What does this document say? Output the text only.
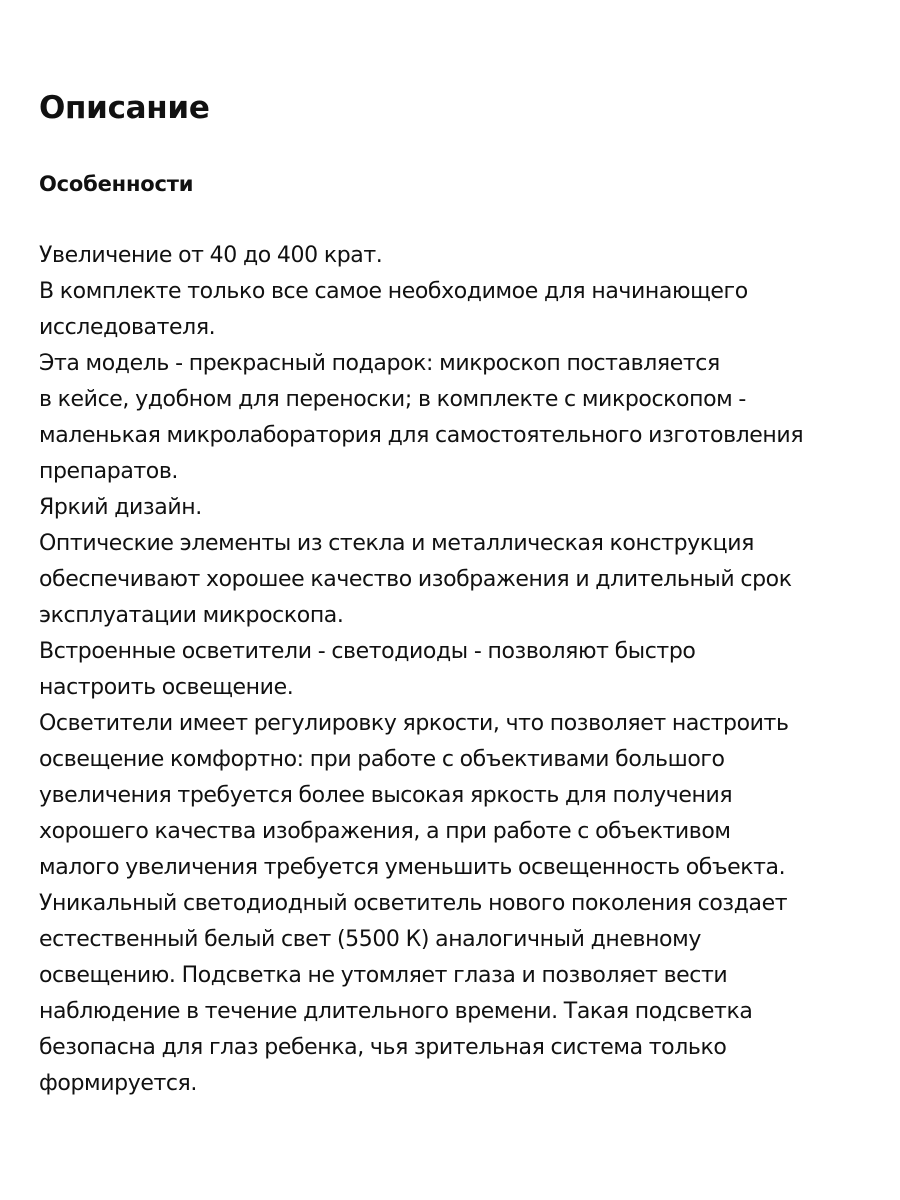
Описание
Особенности
Увеличение от 40 до 400 крат.
В комплекте только все самое необходимое для начинающего
исследователя.
Эта модель - прекрасный подарок: микроскоп поставляется
в кейсе, удобном для переноски; в комплекте с микроскопом -
маленькая микролаборатория для самостоятельного изготовления
препаратов.
Яркий дизайн.
Оптические элементы из стекла и металлическая конструкция
обеспечивают хорошее качество изображения и длительный срок
эксплуатации микроскопа.
Встроенные осветители - светодиоды - позволяют быстро
настроить освещение.
Осветители имеет регулировку яркости, что позволяет настроить
освещение комфортно: при работе с объективами большого
увеличения требуется более высокая яркость для получения
хорошего качества изображения, а при работе с объективом
малого увеличения требуется уменьшить освещенность объекта.
Уникальный светодиодный осветитель нового поколения создает
естественный белый свет (5500 К) аналогичный дневному
освещению. Подсветка не утомляет глаза и позволяет вести
наблюдение в течение длительного времени. Такая подсветка
безопасна для глаз ребенка, чья зрительная система только
формируется.
